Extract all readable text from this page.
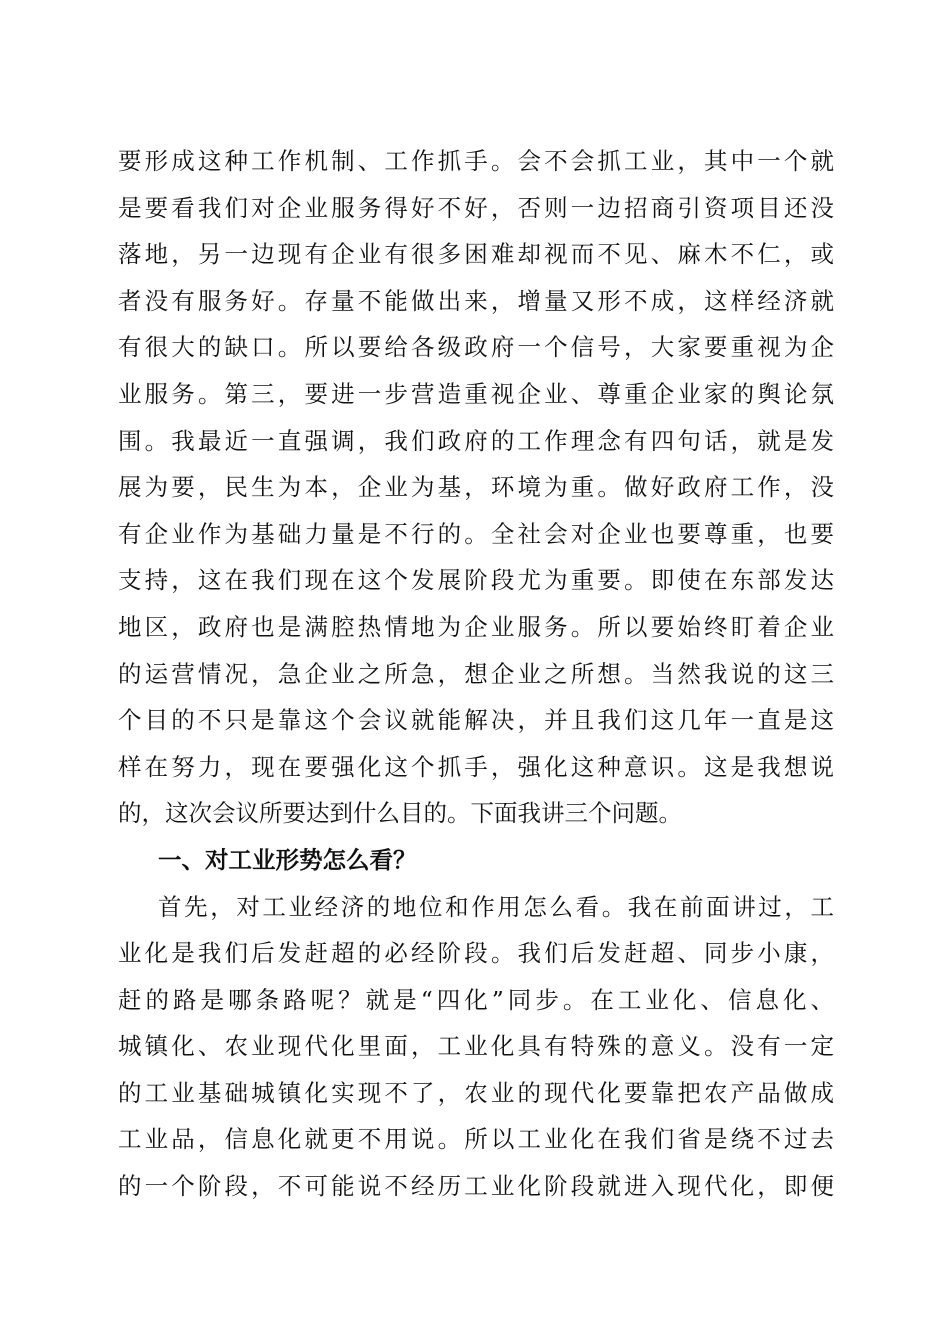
要形成这种工作机制、工作抓手。会不会抓工业，其中一个就
是要看我们对企业服务得好不好，否则一边招商引资项目还没
落地，另一边现有企业有很多困难却视而不见、麻木不仁，或
者没有服务好。存量不能做出来，增量又形不成，这样经济就
有很大的缺口。所以要给各级政府一个信号，大家要重视为企
业服务。第三，要进一步营造重视企业、尊重企业家的舆论氛
围。我最近一直强调，我们政府的工作理念有四句话，就是发
展为要，民生为本，企业为基，环境为重。做好政府工作，没
有企业作为基础力量是不行的。全社会对企业也要尊重，也要
支持，这在我们现在这个发展阶段尤为重要。即使在东部发达
地区，政府也是满腔热情地为企业服务。所以要始终盯着企业
的运营情况，急企业之所急，想企业之所想。当然我说的这三
个目的不只是靠这个会议就能解决，并且我们这几年一直是这
样在努力，现在要强化这个抓手，强化这种意识。这是我想说
的，这次会议所要达到什么目的。下面我讲三个问题。
一、对工业形势怎么看？
首先，对工业经济的地位和作用怎么看。我在前面讲过，工
业化是我们后发赶超的必经阶段。我们后发赶超、同步小康，
赶的路是哪条路呢？就是“四化”同步。在工业化、信息化、
城镇化、农业现代化里面，工业化具有特殊的意义。没有一定
的工业基础城镇化实现不了，农业的现代化要靠把农产品做成
工业品，信息化就更不用说。所以工业化在我们省是绕不过去
的一个阶段，不可能说不经历工业化阶段就进入现代化，即便
